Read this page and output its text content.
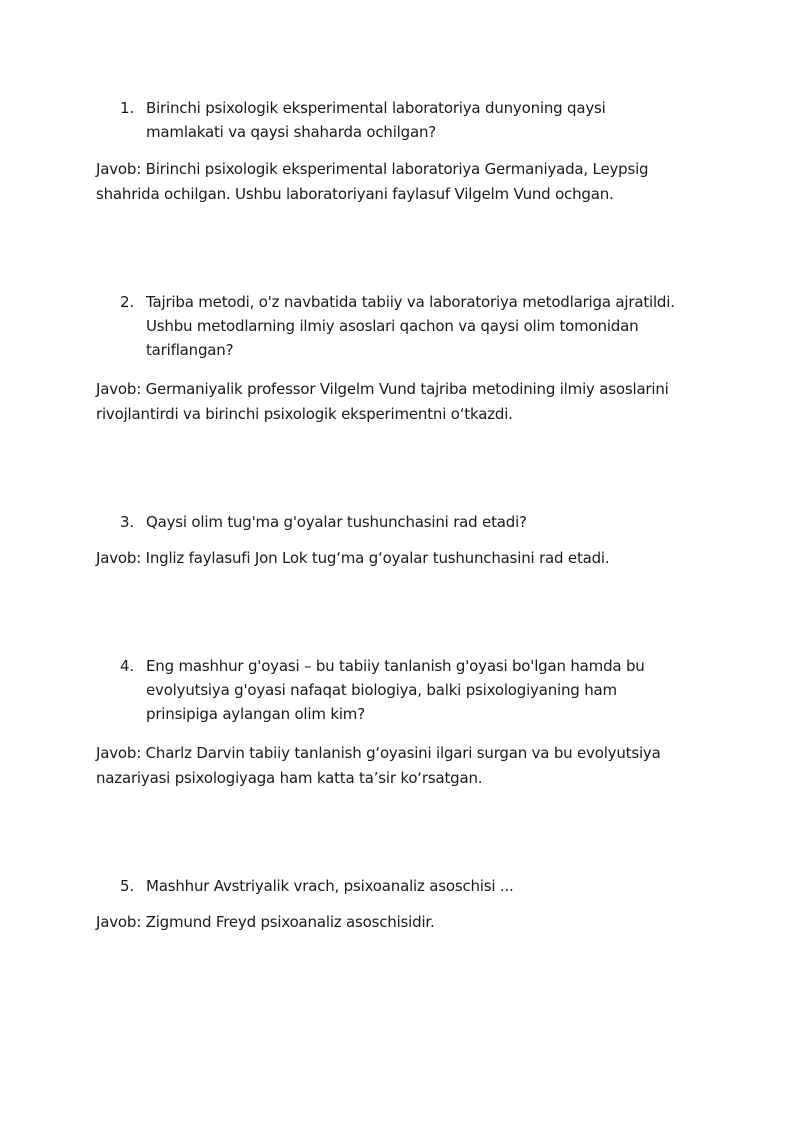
1. Birinchi psixologik eksperimental laboratoriya dunyoning qaysi mamlakati va qaysi shaharda ochilgan?
Javob: Birinchi psixologik eksperimental laboratoriya Germaniyada, Leypsig shahrida ochilgan. Ushbu laboratoriyani faylasuf Vilgelm Vund ochgan.
2. Tajriba metodi, o'z navbatida tabiiy va laboratoriya metodlariga ajratildi. Ushbu metodlarning ilmiy asoslari qachon va qaysi olim tomonidan tariflangan?
Javob: Germaniyalik professor Vilgelm Vund tajriba metodining ilmiy asoslarini rivojlantirdi va birinchi psixologik eksperimentni o‘tkazdi.
3. Qaysi olim tug'ma g'oyalar tushunchasini rad etadi?
Javob: Ingliz faylasufi Jon Lok tug‘ma g‘oyalar tushunchasini rad etadi.
4. Eng mashhur g'oyasi – bu tabiiy tanlanish g'oyasi bo'lgan hamda bu evolyutsiya g'oyasi nafaqat biologiya, balki psixologiyaning ham prinsipiga aylangan olim kim?
Javob: Charlz Darvin tabiiy tanlanish g‘oyasini ilgari surgan va bu evolyutsiya nazariyasi psixologiyaga ham katta ta’sir ko‘rsatgan.
5. Mashhur Avstriyalik vrach, psixoanaliz asoschisi ...
Javob: Zigmund Freyd psixoanaliz asoschisidir.
